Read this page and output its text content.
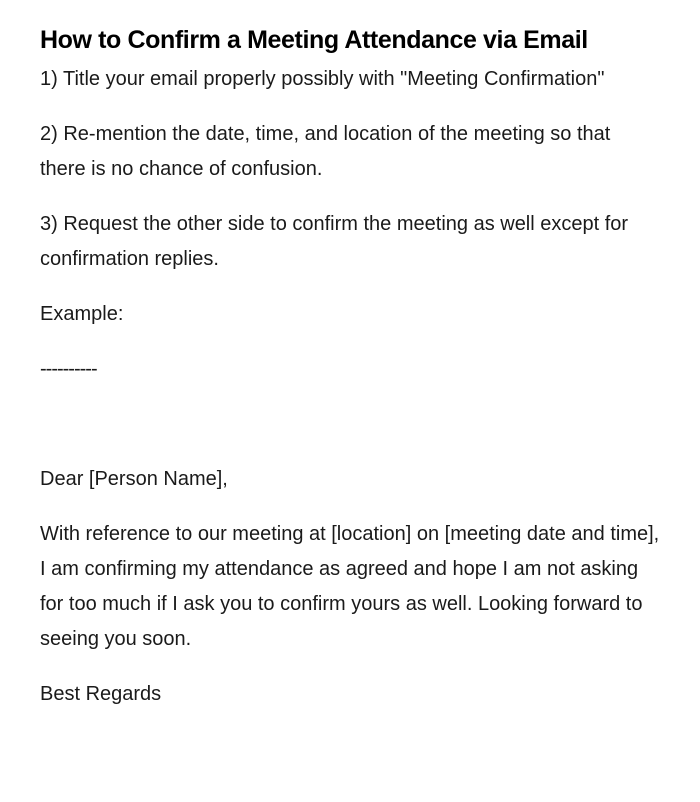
How to Confirm a Meeting Attendance via Email

1) Title your email properly possibly with "Meeting Confirmation"

2) Re-mention the date, time, and location of the meeting so that there is no chance of confusion.

3) Request the other side to confirm the meeting as well except for confirmation replies.

Example:

----------

Dear [Person Name],

With reference to our meeting at [location] on [meeting date and time], I am confirming my attendance as agreed and hope I am not asking for too much if I ask you to confirm yours as well. Looking forward to seeing you soon.

Best Regards
